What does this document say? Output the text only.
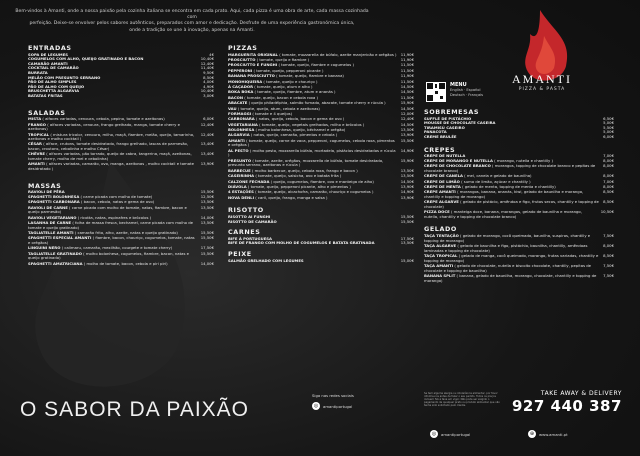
Bem-vindos à Amanti, onde a nossa paixão pela cozinha italiana se encontra em cada prato. Aqui, cada pizza é uma obra de arte, cada massa cozinhada com
perfeição. Deixe-se envolver pelos sabores autênticos, preparados com amor e dedicação. Desfrute de uma experiência gastronómica única,
onde a tradição se une à inovação, apenas na Amanti.
AMANTI
PIZZA & PASTA
MENU
English · Español
Deutsch · Français
ENTRADAS
SOPA DE LEGUMES	4€
COGUMELOS COM ALHO, QUEIJO GRATINADO E BACON	10,40€
CAMARÃO AMANTI	12,40€
COCKTAIL DE CAMARÃO	11,40€
BURRATA	9,50€
MELÃO COM PRESUNTO SERRANO	8,50€
PÃO DE ALHO SIMPLES	4,00€
PÃO DE ALHO COM QUEIJO	4,90€
BRUSCHETTA ALGARVIA	10,40€
BATATAS FRITAS	3,00€
SALADAS
MISTA ( alfaces variadas, cenoura, cebola, pepino, tomate e azeitonas)	6,00€
FRANGO ( alfaces variadas, cenoura, frango grelhado, manga, tomate cherry e azeitonas)
12,40€
TROPICAL ( mistura tricolor, cenoura, milho, maçã, fiambre, melão, queijo, tamarinho, azeitonas e molho cocktail )
12,40€
CÉSAR ( alface, crutons, tomate desidratado, frango grelhado, lascas de parmesão, bacon, croutons, cebolinha e molho César)
13,40€
CHÈVRE ( alfaces variadas, pão torrado, queijo de cabra, tangerina, maçã, azeitonas, tomate cherry, molho de mel e cebolinha)
13,40€
AMANTI ( alfaces variadas, camarão, ovo, manga, azeitonas , molho cocktail e tomate desidratado )
13,90€
MASSAS
RAVIOLI DE PÊRA	15,50€
SPAGHETTI BOLONHESA ( carne picada com molho de tomate)	12,50€
SPAGHETTI CARBONARA ( bacon, cebola, natas e gema de ovo)	13,50€
RAVIOLI DE CARNE ( carne picada com molho de tomate, natas, fiambre, bacon e queijo parmesão)
13,50€
RAVIOLI VEGETARIANO ( ricotta, natas, espinafres e brócolos )	14,00€
LASANHA DE CARNE ( folha de massa fresca, bechamel, carne picada com molho de tomate e queijo gratinado)
13,50€
TAGLIATELLE AMANTI ( camarão frito, alho, azeite, natas e queijo gratinado)	15,50€
SPAGHETTI ESPECIAL AMANTI ( fiambre, bacon, chouriço, cogumelos, tomate, natas e orégãos)
15,50€
LINGUINI NERO ( calimaru, camarão, mexilhão, courgete e tomate cherry)	17,50€
TAGLIATELLE GRATINADO ( molho bolonhesa, cogumelos, fiambre, bacon, natas e queijo gratinado)
15,50€
SPAGHETTI AMATRICIANA ( molho de tomate, bacon, cebola e piri piri)	14,00€
PIZZAS
MARGUERITA ORIGINAL ( tomate, mozzarella de búfalo, azeite manjericão e orégãos )	11,90€
PROSCIUTTO ( tomate, queijo e fiambre )	11,90€
PROSCIUTTO E FUNGHI ( tomate, queijo, fiambre e cogumelos )	11,50€
PEPPERONI ( tomate, queijo, pepperoni picante )	11,50€
BANANA PROSCIUTTO ( tomate, queijo, fiambre e banana)	11,90€
MONOHIQUEIRA ( tomate, queijo e chouriço )	11,50€
À CAÇADOR ( tomate, queijo, atum e alho )	14,50€
BOKA BOKA ( tomate, queijo, fiambre, atum e ananás )	14,50€
BACON ( tomate, queijo, bacon e cebola roxa )	11,50€
ABACATE ( queijo philadélphia, salmão fumado, abacate, tomate cherry e rúcula )	15,90€
VAU ( tomate, queijo, atum, cebola e azeitonas)	14,50€
FORMAGGI ( tomate e 4 queijos)	12,00€
CARBONARA ( natas, queijo, cebola, bacon e gema de ovo )	12,40€
VEGETARIANA ( tomate, queijo, vegetais grelhados, milho e brócolos )	14,50€
BOLONHESA ( molho bolonhesa, queijo, béchamel e orégão)	13,50€
ALGARVIA ( natas, queijo, camarão, pimentos e cebola )	13,90€
AMANTI ( tomate, queijo, carne de vaca, pepperoni, cogumelos, cebola roxa, pimentos e orégãos )
15,50€
AL PESTO ( molho pesto, mozzarella búfala, mortadela, pistácios desidratados e rúcula )
14,90€
PRESUNTO ( tomate, azeite, orégãos, mozzarella de búfala, tomate desidratado, presunto serrano, azeitonas e rúcula )
15,90€
BARBECUE ( molho barbecue, queijo, cebola roxa, frango e bacon )	13,50€
CASEIRINHA ( tomate, queijo, salsicha, ovo e batata frita )	13,50€
CALZONE FECHADA ( queijo, cogumelos, fiambre, ovo e manteiga de alho)	14,50€
DIÁVOLA ( tomate, queijo, pepperoni picante, alho e pimentos )	13,90€
4 ESTAÇÕES ( tomate, queijo, alcachofra, camarão, chouriço e cogumelos )	14,90€
NOVA DENLI ( caril, queijo, frango, manga e salsa )	13,90€
RISOTTO
RISOTTO AI FUNGHI	15,50€
RISOTTO DE CAMARÃO	15,50€
CARNES
BIFE À PORTUGUESA	17,50€
BIFE DE FRANGO COM MOLHO DE COGUMELOS E BATATA GRATINADA	13,50€
PEIXE
SALMÃO GRELHADO COM LEGUMES	15,00€
SOBREMESAS
SUFFLÉ DE PISTÁCHIO	6,50€
MOUSSE DE CHOCOLATE CASEIRA	5,00€
TIRAMISÚ CASEIRO	5,50€
PANACOTA	5,00€
CREME BRULÉE	6,00€
CREPES
CREPE DE NUTELLA	7,00€
CREPE DE MORANGO E NUTELLA ( morango, nutella e chantilly )	8,00€
CREPE DE CHOCOLATE BRANCO ( morangos, topping de chocolate branco e pepitas de chocolate branco)
8,00€
CREPE DE CANELA ( mel, canela e gelado de baunilha)	8,00€
CREPE DE LIMÃO ( sumo de limão, açúcar e chantilly )	7,00€
CREPE DE MENTA ( gelado de menta, topping de menta e chantilly)	8,00€
CREPE AMANTI ( morangos, banana, ananás, kiwi, gelado de baunilha e morango, chantilly e topping de morango)
8,50€
CREPE ALGARVE ( gelado de pistácio, amêndoa e figo, frutos secos, chantilly e topping de chocolate)
8,50€
PIZZA DOCE ( manteiga doce, banana, morangos, gelado de baunilha e morango, nutella, chantilly e topping de chocolate branco)
10,50€
GELADO
TAÇA TENTAÇÃO ( gelado de morango, cocô queimado, baunilha, suspiros, chantilly e topping de morango)
7,50€
TAÇA ALGARVE ( gelado de baunilha e figo, pistáchio, baunilha, chantilly, amêndoas laminadas e topping de chocolate)
8,00€
TAÇA TROPICAL ( gelado de manga, cocô queimado, morango, frutas variadas, chantilly e topping de morango)
8,50€
TAÇA AMANTI ( gelado de chocolate, nutella e biscoito chocolate, chantilly, pepitas de chocolate e topping de baunilha)
7,50€
BANANA SPLIT ( banana, gelado de baunilha, morango, chocolate, chantilly e topping de morango)
7,50€
Se tem alguma alergia ou intolerância alimentar, por favor informe-nos antes de fazer o seu pedido. Todos os preços incluem IVA à taxa em vigor. Não pode ser exigido o pagamento de qualquer prato ou produto alimentar que não tenha sido solicitado pelo cliente.
TAKE AWAY & DELIVERY
927 440 387
O SABOR DA PAIXÃO
Siga nas redes sociais
◎	amantiportugal
◎	amantiportugal	⊕	www.amanti.pt
